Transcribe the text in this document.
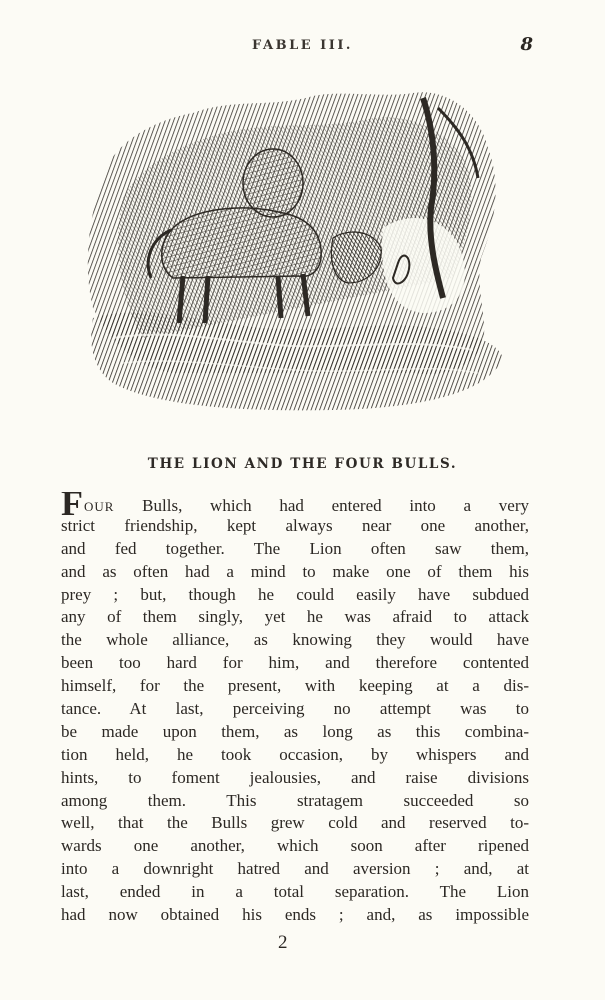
FABLE III.	8
THE LION AND THE FOUR BULLS.
FOUR Bulls, which had entered into a very
strict friendship, kept always near one another,
and fed together. The Lion often saw them,
and as often had a mind to make one of them his
prey ; but, though he could easily have subdued
any of them singly, yet he was afraid to attack
the whole alliance, as knowing they would have
been too hard for him, and therefore contented
himself, for the present, with keeping at a dis-
tance. At last, perceiving no attempt was to
be made upon them, as long as this combina-
tion held, he took occasion, by whispers and
hints, to foment jealousies, and raise divisions
among them. This stratagem succeeded so
well, that the Bulls grew cold and reserved to-
wards one another, which soon after ripened
into a downright hatred and aversion ; and, at
last, ended in a total separation. The Lion
had now obtained his ends ; and, as impossible
2
